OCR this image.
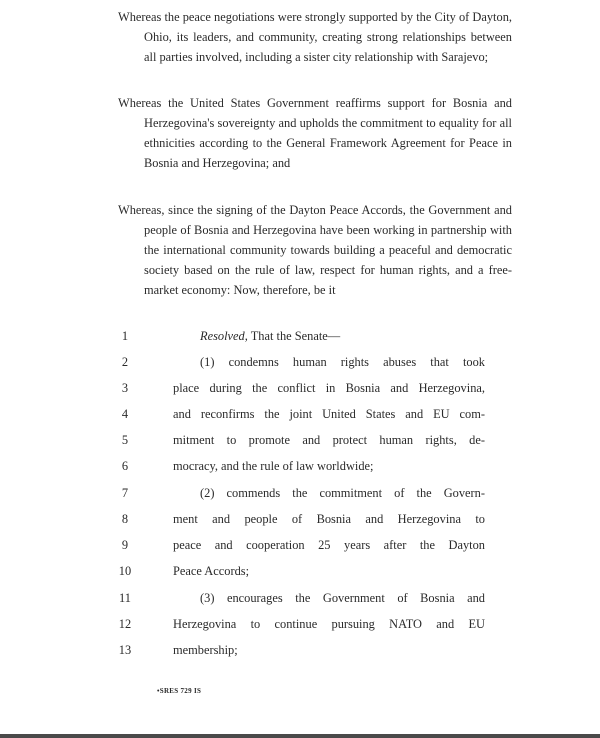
Whereas the peace negotiations were strongly supported by the City of Dayton, Ohio, its leaders, and community, creating strong relationships between all parties involved, including a sister city relationship with Sarajevo;

Whereas the United States Government reaffirms support for Bosnia and Herzegovina's sovereignty and upholds the commitment to equality for all ethnicities according to the General Framework Agreement for Peace in Bosnia and Herzegovina; and

Whereas, since the signing of the Dayton Peace Accords, the Government and people of Bosnia and Herzegovina have been working in partnership with the international community towards building a peaceful and democratic society based on the rule of law, respect for human rights, and a free-market economy: Now, therefore, be it

1	Resolved, That the Senate—
2	(1) condemns human rights abuses that took
3	place during the conflict in Bosnia and Herzegovina,
4	and reconfirms the joint United States and EU com-
5	mitment to promote and protect human rights, de-
6	mocracy, and the rule of law worldwide;
7	(2) commends the commitment of the Govern-
8	ment and people of Bosnia and Herzegovina to
9	peace and cooperation 25 years after the Dayton
10	Peace Accords;
11	(3) encourages the Government of Bosnia and
12	Herzegovina to continue pursuing NATO and EU
13	membership;
•SRES 729 IS
